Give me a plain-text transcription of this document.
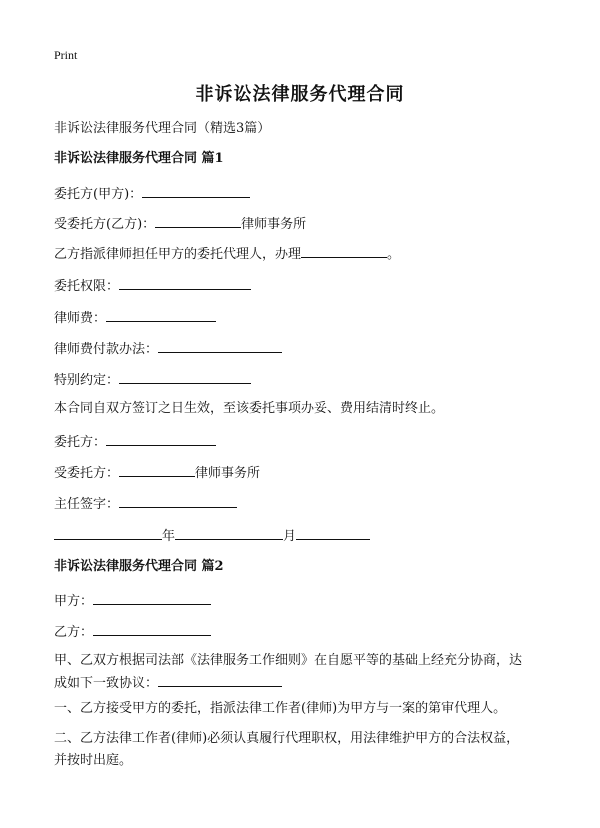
Print
非诉讼法律服务代理合同
非诉讼法律服务代理合同（精选3篇）
非诉讼法律服务代理合同 篇1
委托方(甲方)：
受委托方(乙方)：	律师事务所
乙方指派律师担任甲方的委托代理人，办理	。
委托权限：
律师费：
律师费付款办法：
特别约定：
本合同自双方签订之日生效，至该委托事项办妥、费用结清时终止。
委托方：
受委托方：	律师事务所
主任签字：
年	月
非诉讼法律服务代理合同 篇2
甲方：
乙方：
甲、乙双方根据司法部《法律服务工作细则》在自愿平等的基础上经充分协商，达
成如下一致协议：
一、乙方接受甲方的委托，指派法律工作者(律师)为甲方与一案的第审代理人。
二、乙方法律工作者(律师)必须认真履行代理职权，用法律维护甲方的合法权益，
并按时出庭。
